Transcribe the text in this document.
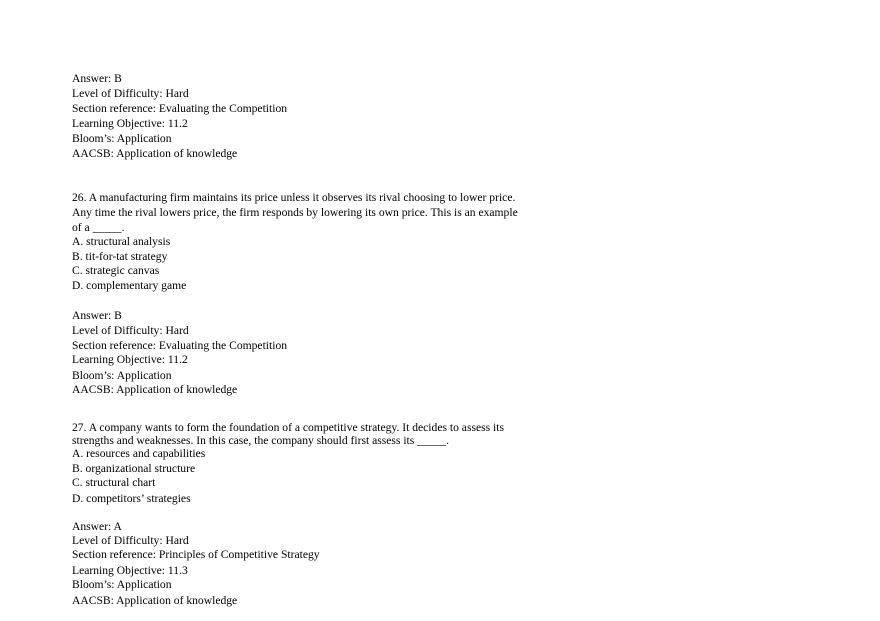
Answer: B
Level of Difficulty: Hard
Section reference: Evaluating the Competition
Learning Objective: 11.2
Bloom’s: Application
AACSB: Application of knowledge
26. A manufacturing firm maintains its price unless it observes its rival choosing to lower price.
Any time the rival lowers price, the firm responds by lowering its own price. This is an example
of a _____.
A. structural analysis
B. tit-for-tat strategy
C. strategic canvas
D. complementary game
Answer: B
Level of Difficulty: Hard
Section reference: Evaluating the Competition
Learning Objective: 11.2
Bloom’s: Application
AACSB: Application of knowledge
27. A company wants to form the foundation of a competitive strategy. It decides to assess its
strengths and weaknesses. In this case, the company should first assess its _____.
A. resources and capabilities
B. organizational structure
C. structural chart
D. competitors’ strategies
Answer: A
Level of Difficulty: Hard
Section reference: Principles of Competitive Strategy
Learning Objective: 11.3
Bloom’s: Application
AACSB: Application of knowledge
